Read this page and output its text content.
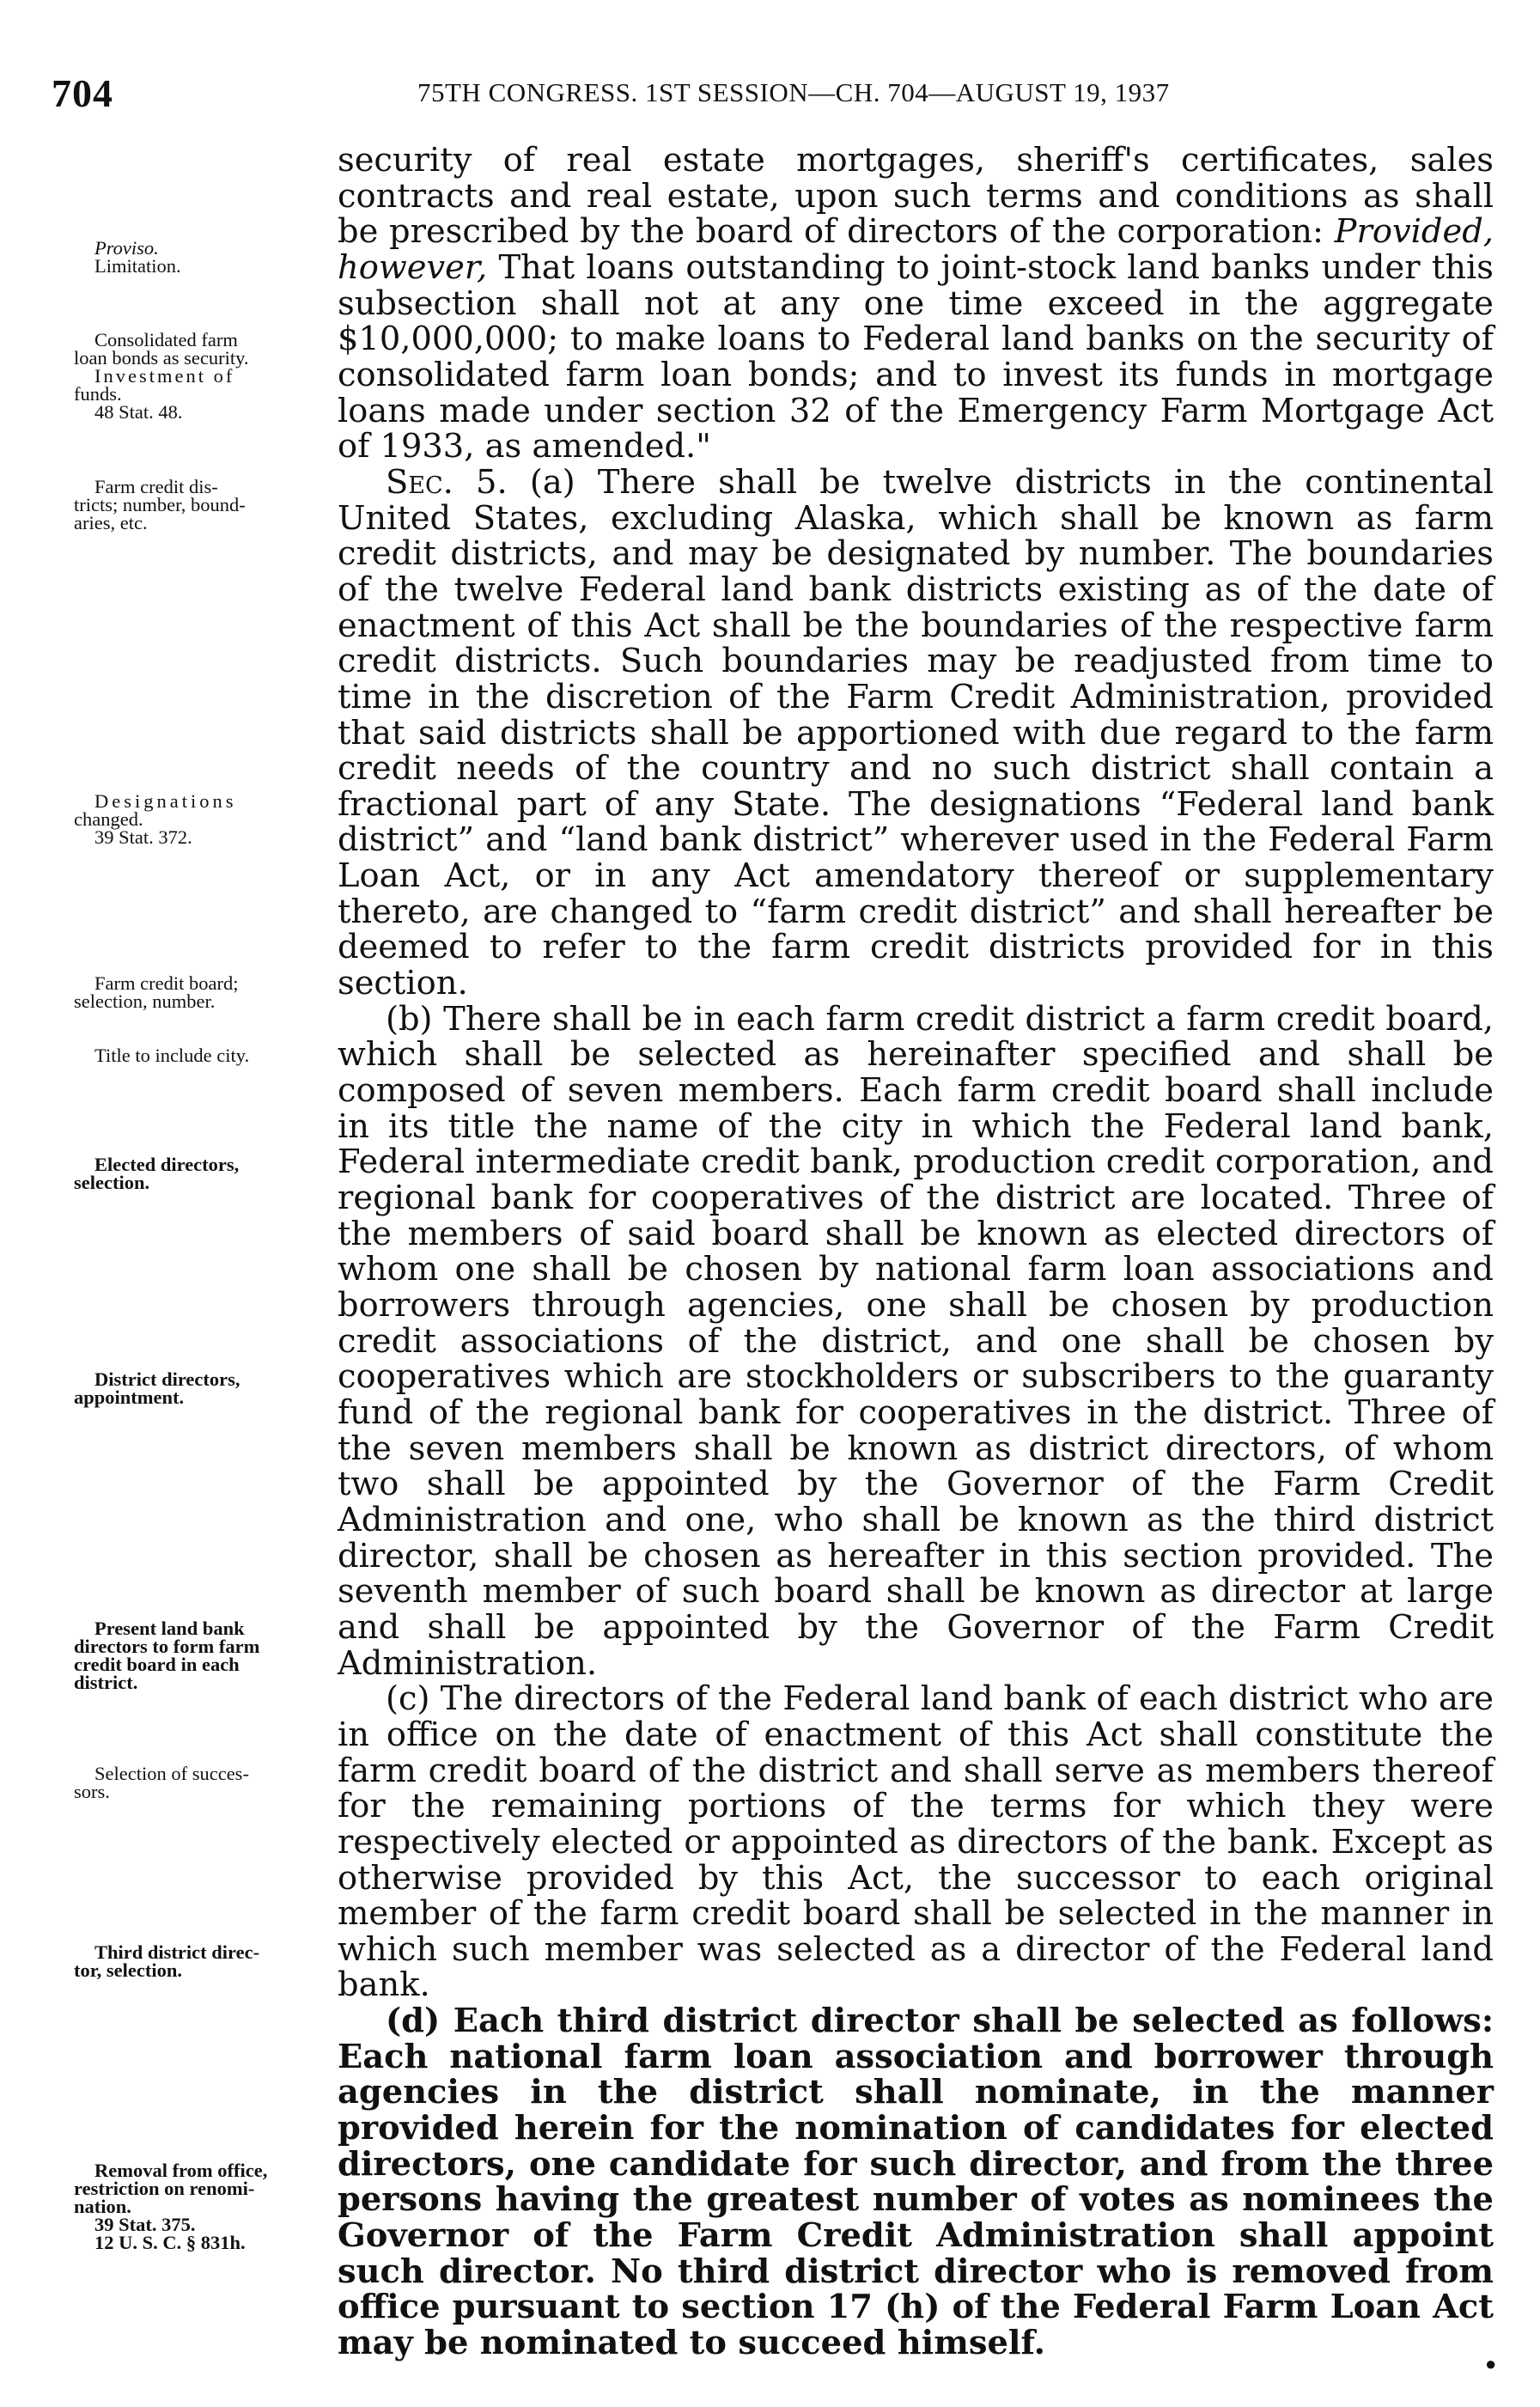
704	75TH CONGRESS. 1ST SESSION—CH. 704—AUGUST 19, 1937
Proviso.
Limitation.
Consolidated farm
loan bonds as security.
Investment of
funds.
48 Stat. 48.
Farm credit dis-
tricts; number, bound-
aries, etc.
Designations
changed.
39 Stat. 372.
Farm credit board;
selection, number.
Title to include city.
Elected directors,
selection.
District directors,
appointment.
Present land bank
directors to form farm
credit board in each
district.
Selection of succes-
sors.
Third district direc-
tor, selection.
Removal from office,
restriction on renomi-
nation.
39 Stat. 375.
12 U. S. C. § 831h.

security of real estate mortgages, sheriff's certificates, sales contracts and real estate, upon such terms and conditions as shall be prescribed by the board of directors of the corporation: Provided, however, That loans outstanding to joint-stock land banks under this subsection shall not at any one time exceed in the aggregate $10,000,000; to make loans to Federal land banks on the security of consolidated farm loan bonds; and to invest its funds in mortgage loans made under section 32 of the Emergency Farm Mortgage Act of 1933, as amended."

Sec. 5. (a) There shall be twelve districts in the continental United States, excluding Alaska, which shall be known as farm credit districts, and may be designated by number. The boundaries of the twelve Federal land bank districts existing as of the date of enactment of this Act shall be the boundaries of the respective farm credit districts. Such boundaries may be readjusted from time to time in the discretion of the Farm Credit Administration, provided that said districts shall be apportioned with due regard to the farm credit needs of the country and no such district shall contain a fractional part of any State. The designations “Federal land bank district” and “land bank district” wherever used in the Federal Farm Loan Act, or in any Act amendatory thereof or supplementary thereto, are changed to “farm credit district” and shall hereafter be deemed to refer to the farm credit districts provided for in this section.

(b) There shall be in each farm credit district a farm credit board, which shall be selected as hereinafter specified and shall be composed of seven members. Each farm credit board shall include in its title the name of the city in which the Federal land bank, Federal intermediate credit bank, production credit corporation, and regional bank for cooperatives of the district are located. Three of the members of said board shall be known as elected directors of whom one shall be chosen by national farm loan associations and borrowers through agencies, one shall be chosen by production credit associations of the district, and one shall be chosen by cooperatives which are stockholders or subscribers to the guaranty fund of the regional bank for cooperatives in the district. Three of the seven members shall be known as district directors, of whom two shall be appointed by the Governor of the Farm Credit Administration and one, who shall be known as the third district director, shall be chosen as hereafter in this section provided. The seventh member of such board shall be known as director at large and shall be appointed by the Governor of the Farm Credit Administration.

(c) The directors of the Federal land bank of each district who are in office on the date of enactment of this Act shall constitute the farm credit board of the district and shall serve as members thereof for the remaining portions of the terms for which they were respectively elected or appointed as directors of the bank. Except as otherwise provided by this Act, the successor to each original member of the farm credit board shall be selected in the manner in which such member was selected as a director of the Federal land bank.

(d) Each third district director shall be selected as follows: Each national farm loan association and borrower through agencies in the district shall nominate, in the manner provided herein for the nomination of candidates for elected directors, one candidate for such director, and from the three persons having the greatest number of votes as nominees the Governor of the Farm Credit Administration shall appoint such director. No third district director who is removed from office pursuant to section 17 (h) of the Federal Farm Loan Act may be nominated to succeed himself.

●
